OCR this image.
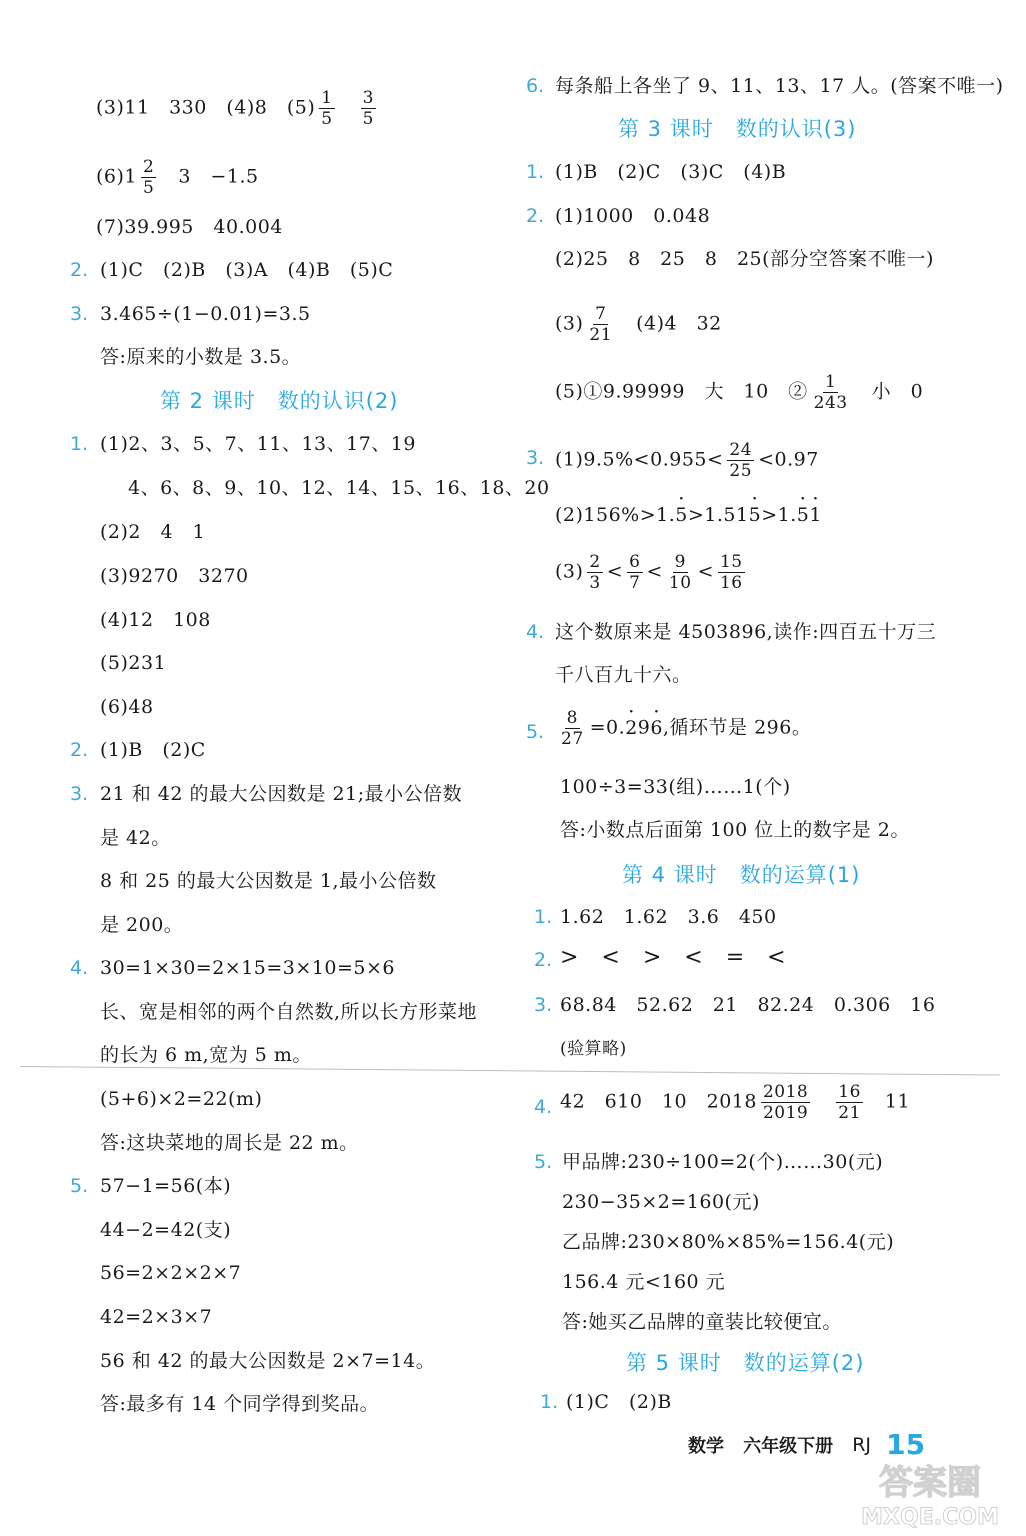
(3)11　330　(4)8　$(5) \frac{1}{5} \frac{3}{5}$
$(6)1 \frac{2}{5} 3$　−1.5
(7)39.995　40.004
2. (1)C　(2)B　(3)A　(4)B　(5)C
3. 3.465÷(1−0.01)=3.5
答:原来的小数是 3.5。
第 2 课时　数的认识(2)
1. (1)2、3、5、7、11、13、17、19
4、6、8、9、10、12、14、15、16、18、20
(2)2　4　1
(3)9270　3270
(4)12　108
(5)231
(6)48
2. (1)B　(2)C
3. 21 和 42 的最大公因数是 21;最小公倍数
是 42。
8 和 25 的最大公因数是 1,最小公倍数
是 200。
4. 30=1×30=2×15=3×10=5×6
长、宽是相邻的两个自然数,所以长方形菜地
的长为 6 m,宽为 5 m。
(5+6)×2=22(m)
答:这块菜地的周长是 22 m。
5. 57−1=56(本)
44−2=42(支)
56=2×2×2×7
42=2×3×7
56 和 42 的最大公因数是 2×7=14。
答:最多有 14 个同学得到奖品。
6. 每条船上各坐了 9、11、13、17 人。(答案不唯一)
第 3 课时　数的认识(3)
1. (1)B　(2)C　(3)C　(4)B
2. (1)1000　0.048
(2)25　8　25　8　25(部分空答案不唯一)
$(3) \frac{7}{21} (4)4$　32
(5)①9.99999　大　10　② $\frac{1}{243}$ 小　0
3. $(1)9.5\%<0.955< \frac{24}{25} <0.97$
(2)156%>1.· 5>1.51· 5>1.· 5· 1
$(3) \frac{2}{3} < \frac{6}{7} < \frac{9}{10} < \frac{15}{16}$
4. 这个数原来是 4503896,读作:四百五十万三
千八百九十六。
5. $\frac{8}{27} =0.\cdot 29\cdot 6$,循环节是 296。
100÷3=33(组)……1(个)
答:小数点后面第 100 位上的数字是 2。
第 4 课时　数的运算(1)
1. 1.62　1.62　3.6　450
2. >　<　>　<　=　<
3. 68.84　52.62　21　82.24　0.306　16
(验算略)
4. 42　610　10　$2018 \frac{2018}{2019} \frac{16}{21} 11$
5. 甲品牌:230÷100=2(个)……30(元)
230−35×2=160(元)
乙品牌:230×80%×85%=156.4(元)
156.4 元<160 元
答:她买乙品牌的童装比较便宜。
第 5 课时　数的运算(2)
1. (1)C　(2)B
数学 六年级下册 RJ 15
答案圈
MXQE.COM
